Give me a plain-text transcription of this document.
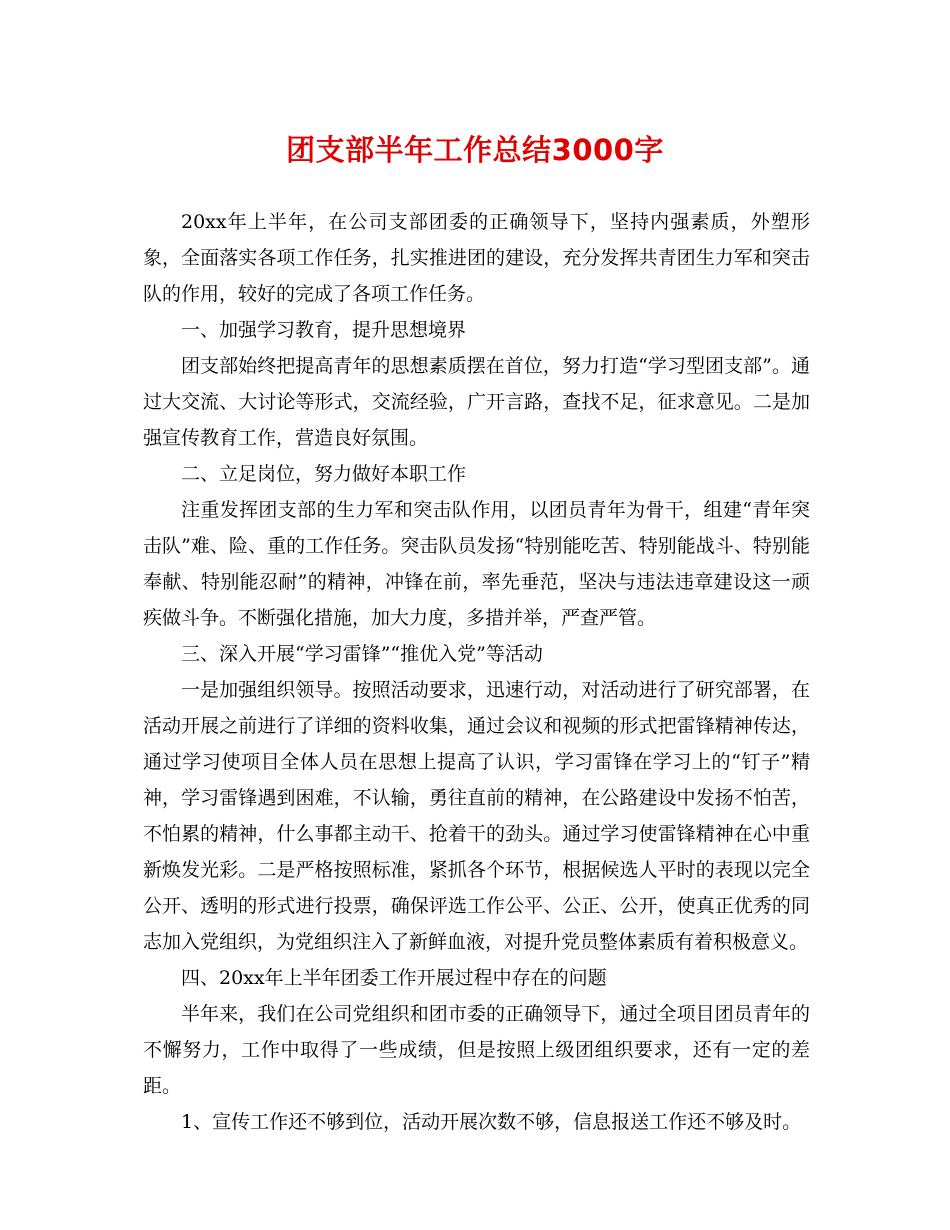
团支部半年工作总结3000字

20xx年上半年，在公司支部团委的正确领导下，坚持内强素质，外塑形象，全面落实各项工作任务，扎实推进团的建设，充分发挥共青团生力军和突击队的作用，较好的完成了各项工作任务。

一、加强学习教育，提升思想境界

团支部始终把提高青年的思想素质摆在首位，努力打造“学习型团支部”。通过大交流、大讨论等形式，交流经验，广开言路，查找不足，征求意见。二是加强宣传教育工作，营造良好氛围。

二、立足岗位，努力做好本职工作

注重发挥团支部的生力军和突击队作用，以团员青年为骨干，组建“青年突击队”难、险、重的工作任务。突击队员发扬“特别能吃苦、特别能战斗、特别能奉献、特别能忍耐”的精神，冲锋在前，率先垂范，坚决与违法违章建设这一顽疾做斗争。不断强化措施，加大力度，多措并举，严查严管。

三、深入开展“学习雷锋”“推优入党”等活动

一是加强组织领导。按照活动要求，迅速行动，对活动进行了研究部署，在活动开展之前进行了详细的资料收集，通过会议和视频的形式把雷锋精神传达，通过学习使项目全体人员在思想上提高了认识，学习雷锋在学习上的“钉子”精神，学习雷锋遇到困难，不认输，勇往直前的精神，在公路建设中发扬不怕苦，不怕累的精神，什么事都主动干、抢着干的劲头。通过学习使雷锋精神在心中重新焕发光彩。二是严格按照标准，紧抓各个环节，根据候选人平时的表现以完全公开、透明的形式进行投票，确保评选工作公平、公正、公开，使真正优秀的同志加入党组织，为党组织注入了新鲜血液，对提升党员整体素质有着积极意义。

四、20xx年上半年团委工作开展过程中存在的问题

半年来，我们在公司党组织和团市委的正确领导下，通过全项目团员青年的不懈努力，工作中取得了一些成绩，但是按照上级团组织要求，还有一定的差距。

1、宣传工作还不够到位，活动开展次数不够，信息报送工作还不够及时。
